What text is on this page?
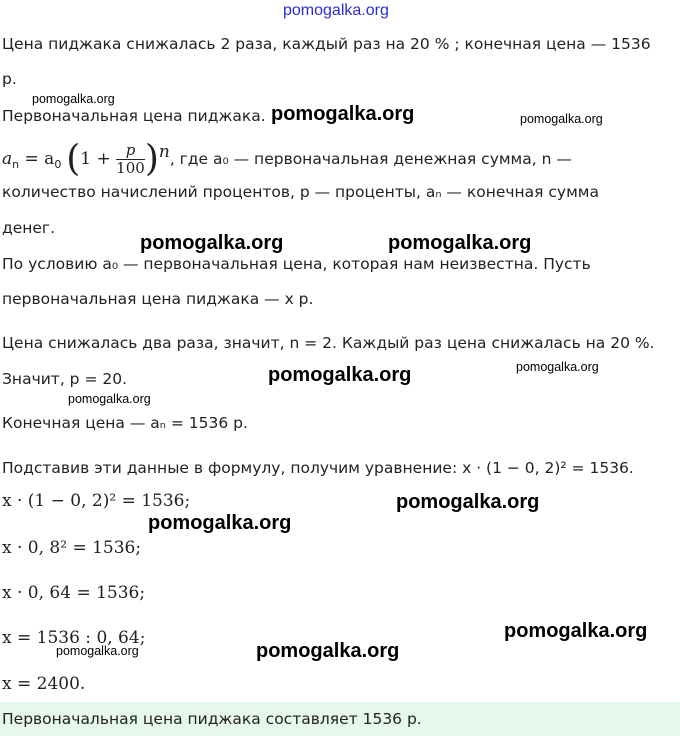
pomogalka.org
Цена пиджака снижалась 2 раза, каждый раз на 20 % ; конечная цена — 1536
р.
Первоначальная цена пиджака.
$a_n = a_0$ $(1 + \frac{p}{100} )^n$, где a₀ — первоначальная денежная сумма, n —
количество начислений процентов, p — проценты, aₙ — конечная сумма
денег.
По условию a₀ — первоначальная цена, которая нам неизвестна. Пусть
первоначальная цена пиджака — x р.
Цена снижалась два раза, значит, n = 2. Каждый раз цена снижалась на 20 %.
Значит, p = 20.
Конечная цена — aₙ = 1536 р.
Подставив эти данные в формулу, получим уравнение: x · (1 − 0, 2)² = 1536.
x · (1 − 0, 2)² = 1536;
x · 0, 8² = 1536;
x · 0, 64 = 1536;
x = 1536 : 0, 64;
x = 2400.
Первоначальная цена пиджака составляет 1536 р.
pomogalka.org
pomogalka.org	pomogalka.org
pomogalka.org	pomogalka.org
pomogalka.org	pomogalka.org
pomogalka.org
pomogalka.org
pomogalka.org
pomogalka.org
pomogalka.org
pomogalka.org
